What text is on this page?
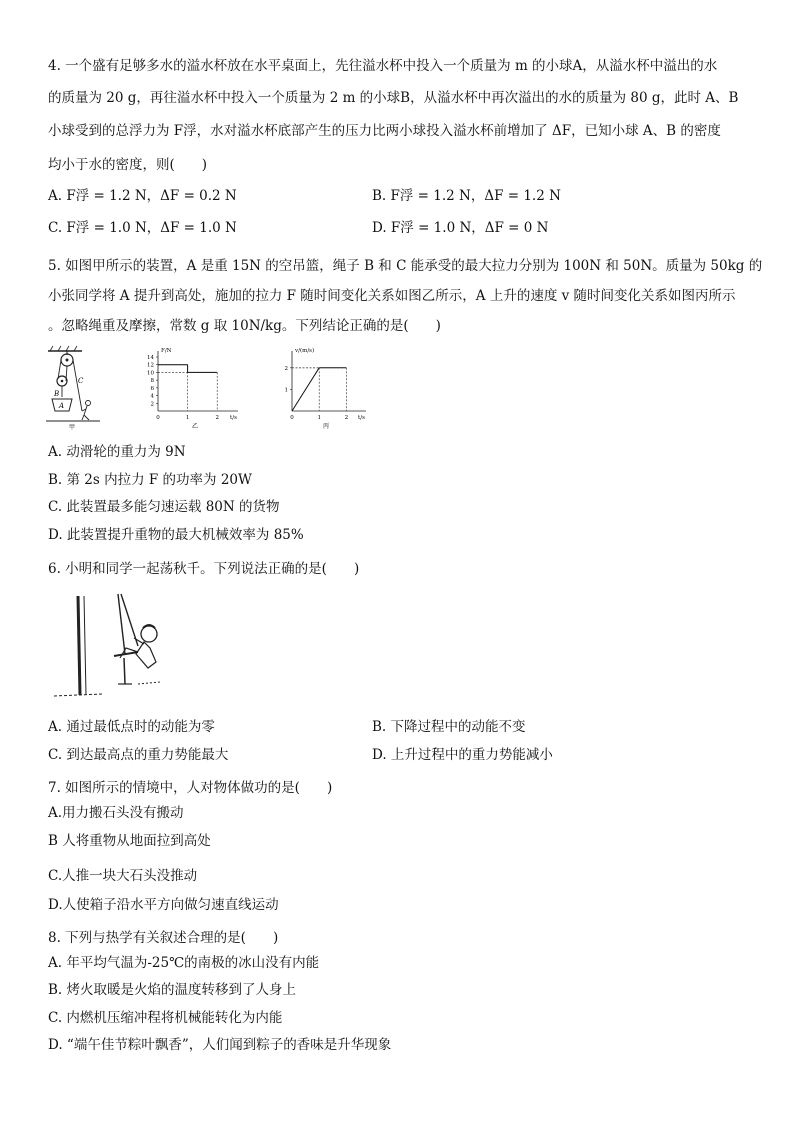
4. 一个盛有足够多水的溢水杯放在水平桌面上，先往溢水杯中投入一个质量为 m 的小球A，从溢水杯中溢出的水
的质量为 20 g，再往溢水杯中投入一个质量为 2 m 的小球B，从溢水杯中再次溢出的水的质量为 80 g，此时 A、B
小球受到的总浮力为 F浮，水对溢水杯底部产生的压力比两小球投入溢水杯前增加了 ΔF，已知小球 A、B 的密度
均小于水的密度，则(　　)
A. F浮 = 1.2 N，ΔF = 0.2 N	B. F浮 = 1.2 N，ΔF = 1.2 N
C. F浮 = 1.0 N，ΔF = 1.0 N	D. F浮 = 1.0 N，ΔF = 0 N
5. 如图甲所示的装置，A 是重 15N 的空吊篮，绳子 B 和 C 能承受的最大拉力分别为 100N 和 50N。质量为 50kg 的
小张同学将 A 提升到高处，施加的拉力 F 随时间变化关系如图乙所示，A 上升的速度 v 随时间变化关系如图丙所示
。忽略绳重及摩擦，常数 g 取 10N/kg。下列结论正确的是(　　)
B
C
A
甲
F/N
t/s
2
4
6
8
10
12
14
0	1	2
乙
v/(m/s)
t/s
1
2
0	1	2
丙
A. 动滑轮的重力为 9N
B. 第 2s 内拉力 F 的功率为 20W
C. 此装置最多能匀速运载 80N 的货物
D. 此装置提升重物的最大机械效率为 85%
6. 小明和同学一起荡秋千。下列说法正确的是(　　)
A. 通过最低点时的动能为零	B. 下降过程中的动能不变
C. 到达最高点的重力势能最大	D. 上升过程中的重力势能减小
7. 如图所示的情境中，人对物体做功的是(　　)
A.用力搬石头没有搬动
B 人将重物从地面拉到高处
C.人推一块大石头没推动
D.人使箱子沿水平方向做匀速直线运动
8. 下列与热学有关叙述合理的是(　　)
A. 年平均气温为-25℃的南极的冰山没有内能
B. 烤火取暖是火焰的温度转移到了人身上
C. 内燃机压缩冲程将机械能转化为内能
D. “端午佳节粽叶飘香”，人们闻到粽子的香味是升华现象
